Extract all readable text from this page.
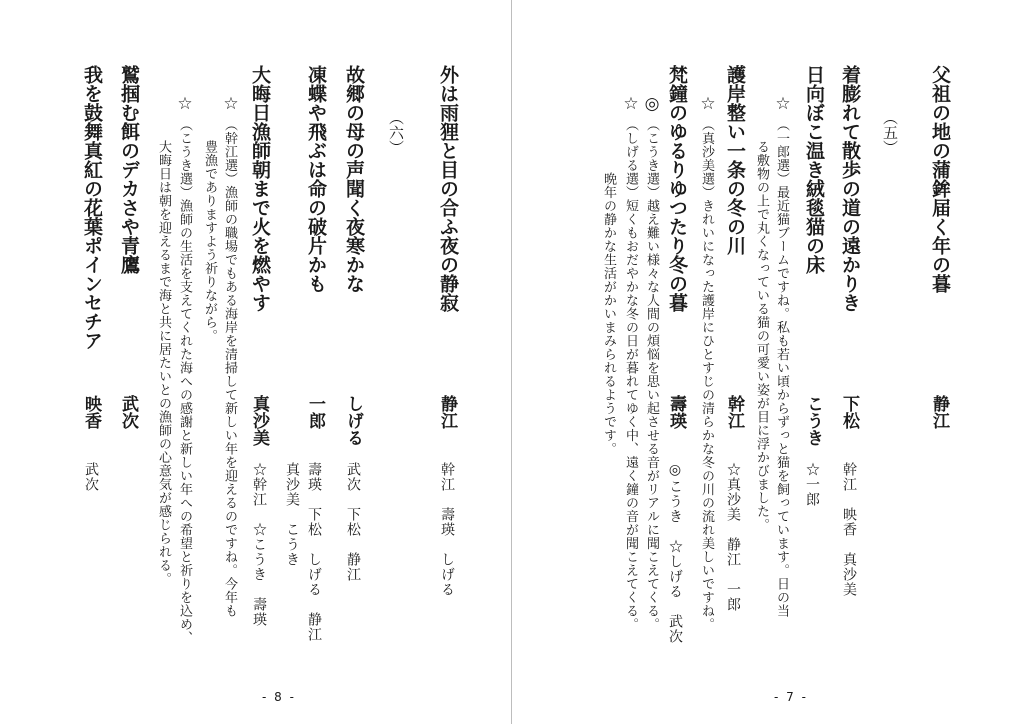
外は雨狸と目の合ふ夜の静寂
静江
幹江　壽瑛　しげる
（六）
故郷の母の声聞く夜寒かな
しげる
武次　下松　静江
凍蝶や飛ぶは命の破片かも
一郎
壽瑛　下松　しげる　静江
真沙美　こうき
大晦日漁師朝まで火を燃やす
真沙美
☆幹江　☆こうき　壽瑛
☆
（幹江選）漁師の職場でもある海岸を清掃して新しい年を迎えるのですね。今年も
豊漁でありますよう祈りながら。
☆
（こうき選）漁師の生活を支えてくれた海への感謝と新しい年への希望と祈りを込め、
大晦日は朝を迎えるまで海と共に居たいとの漁師の心意気が感じられる。
鷲掴む餌のデカさや青鷹
武次
我を鼓舞真紅の花葉ポインセチア
映香
武次
- 8 -
父祖の地の蒲鉾届く年の暮
静江
（五）
着膨れて散歩の道の遠かりき
下松
幹江　映香　真沙美
日向ぼこ温き絨毯猫の床
こうき
☆一郎
☆
（一郎選）最近猫ブームですね。私も若い頃からずっと猫を飼っています。日の当
る敷物の上で丸くなっている猫の可愛い姿が目に浮かびました。
護岸整い一条の冬の川
幹江
☆真沙美　静江　一郎
☆
（真沙美選）きれいになった護岸にひとすじの清らかな冬の川の流れ美しいですね。
梵鐘のゆるりゆつたり冬の暮
壽瑛
◎こうき　☆しげる　武次
◎
（こうき選）越え難い様々な人間の煩悩を思い起させる音がリアルに聞こえてくる。
☆
（しげる選）短くもおだやかな冬の日が暮れてゆく中、遠く鐘の音が聞こえてくる。
晩年の静かな生活がかいまみられるようです。
- 7 -
